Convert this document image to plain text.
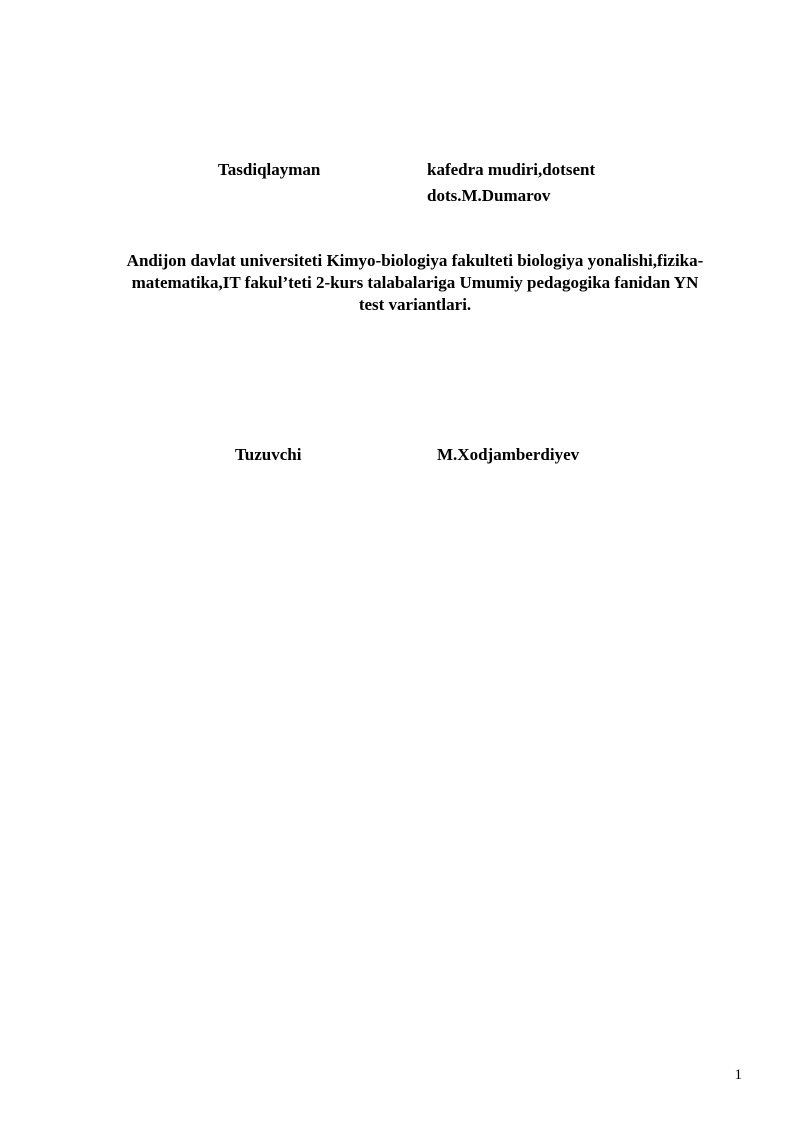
Tasdiqlayman	kafedra mudiri,dotsent
dots.M.Dumarov
Andijon davlat universiteti Kimyo-biologiya fakulteti biologiya yonalishi,fizika-
matematika,IT fakul’teti 2-kurs talabalariga Umumiy pedagogika fanidan YN
test variantlari.
Tuzuvchi	M.Xodjamberdiyev
1
